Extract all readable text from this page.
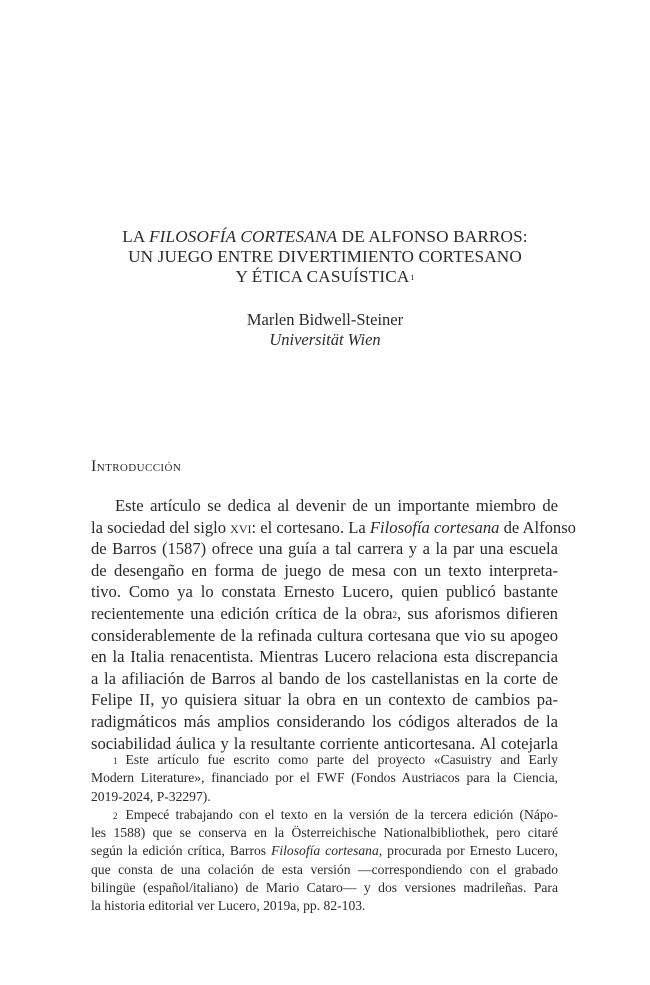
LA FILOSOFÍA CORTESANA DE ALFONSO BARROS:
UN JUEGO ENTRE DIVERTIMIENTO CORTESANO
Y ÉTICA CASUÍSTICA$^1$
Marlen Bidwell-Steiner
Universität Wien
Introducción
Este artículo se dedica al devenir de un importante miembro de
la sociedad del siglo xvi: el cortesano. La Filosofía cortesana de Alfonso
de Barros (1587) ofrece una guía a tal carrera y a la par una escuela
de desengaño en forma de juego de mesa con un texto interpreta-
tivo. Como ya lo constata Ernesto Lucero, quien publicó bastante
recientemente una edición crítica de la obra$^2$, sus aforismos difieren
considerablemente de la refinada cultura cortesana que vio su apogeo
en la Italia renacentista. Mientras Lucero relaciona esta discrepancia
a la afiliación de Barros al bando de los castellanistas en la corte de
Felipe II, yo quisiera situar la obra en un contexto de cambios pa-
radigmáticos más amplios considerando los códigos alterados de la
sociabilidad áulica y la resultante corriente anticortesana. Al cotejarla
$^1$ Este artículo fue escrito como parte del proyecto «Casuistry and Early
Modern Literature», financiado por el FWF (Fondos Austriacos para la Ciencia,
2019-2024, P-32297).
$^2$ Empecé trabajando con el texto en la versión de la tercera edición (Nápo-
les 1588) que se conserva en la Österreichische Nationalbibliothek, pero citaré
según la edición crítica, Barros Filosofía cortesana, procurada por Ernesto Lucero,
que consta de una colación de esta versión —correspondiendo con el grabado
bilingüe (español/italiano) de Mario Cataro— y dos versiones madrileñas. Para
la historia editorial ver Lucero, 2019a, pp. 82-103.
